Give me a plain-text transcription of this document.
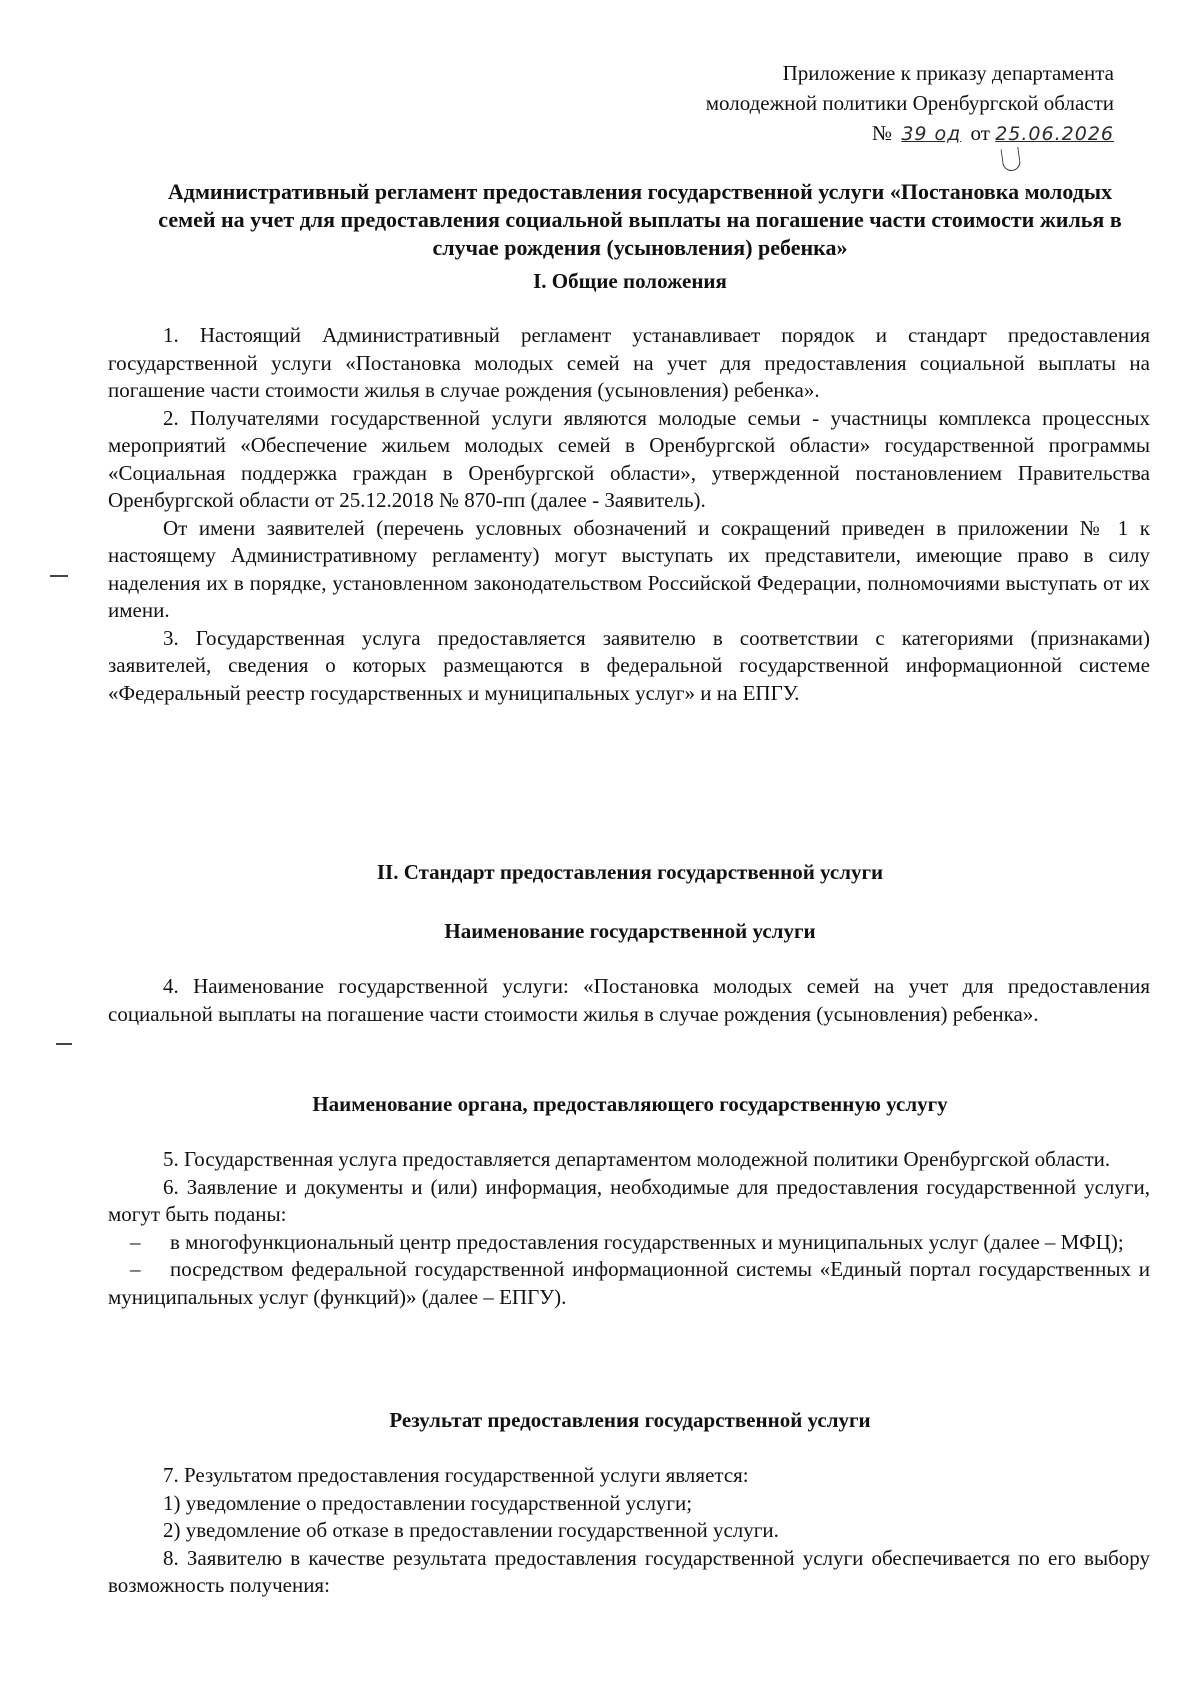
Приложение к приказу департамента
молодежной политики Оренбургской области
№ 39 од от 25.06.2026
Административный регламент предоставления государственной услуги «Постановка молодых семей на учет для предоставления социальной выплаты на погашение части стоимости жилья в случае рождения (усыновления) ребенка»
I. Общие положения

1. Настоящий Административный регламент устанавливает порядок и стандарт предоставления государственной услуги «Постановка молодых семей на учет для предоставления социальной выплаты на погашение части стоимости жилья в случае рождения (усыновления) ребенка».

2. Получателями государственной услуги являются молодые семьи - участницы комплекса процессных мероприятий «Обеспечение жильем молодых семей в Оренбургской области» государственной программы «Социальная поддержка граждан в Оренбургской области», утвержденной постановлением Правительства Оренбургской области от 25.12.2018 № 870-пп (далее - Заявитель).

От имени заявителей (перечень условных обозначений и сокращений приведен в приложении № 1 к настоящему Административному регламенту) могут выступать их представители, имеющие право в силу наделения их в порядке, установленном законодательством Российской Федерации, полномочиями выступать от их имени.

3. Государственная услуга предоставляется заявителю в соответствии с категориями (признаками) заявителей, сведения о которых размещаются в федеральной государственной информационной системе «Федеральный реестр государственных и муниципальных услуг» и на ЕПГУ.

II. Стандарт предоставления государственной услуги
Наименование государственной услуги

4. Наименование государственной услуги: «Постановка молодых семей на учет для предоставления социальной выплаты на погашение части стоимости жилья в случае рождения (усыновления) ребенка».

Наименование органа, предоставляющего государственную услугу

5. Государственная услуга предоставляется департаментом молодежной политики Оренбургской области.

6. Заявление и документы и (или) информация, необходимые для предоставления государственной услуги, могут быть поданы:

– в многофункциональный центр предоставления государственных и муниципальных услуг (далее – МФЦ);

– посредством федеральной государственной информационной системы «Единый портал государственных и муниципальных услуг (функций)» (далее – ЕПГУ).

Результат предоставления государственной услуги

7. Результатом предоставления государственной услуги является:

1) уведомление о предоставлении государственной услуги;

2) уведомление об отказе в предоставлении государственной услуги.

8. Заявителю в качестве результата предоставления государственной услуги обеспечивается по его выбору возможность получения:
